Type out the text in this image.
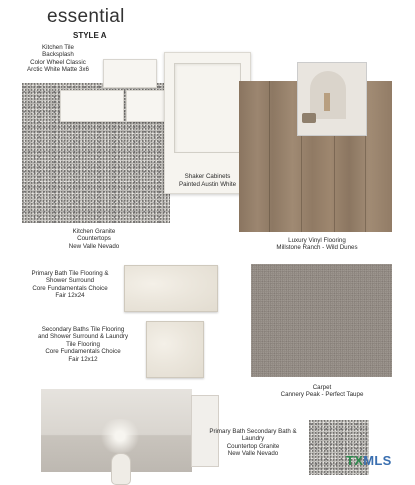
essential
STYLE A
Kitchen Tile
Backsplash
Color Wheel Classic
Arctic White Matte 3x6
Shaker Cabinets
Painted Austin White
Kitchen Granite
Countertops
New Valle Nevado
Luxury Vinyl Flooring
Millstone Ranch - Wild Dunes
Primary Bath Tile Flooring &
Shower Surround
Core Fundamentals Choice
Fair 12x24
Secondary Baths Tile Flooring
and Shower Surround & Laundry
Tile Flooring
Core Fundamentals Choice
Fair 12x12
Carpet
Cannery Peak - Perfect Taupe
Primary Bath Secondary Bath &
Laundry
Countertop Granite
New Valle Nevado	TXMLS
